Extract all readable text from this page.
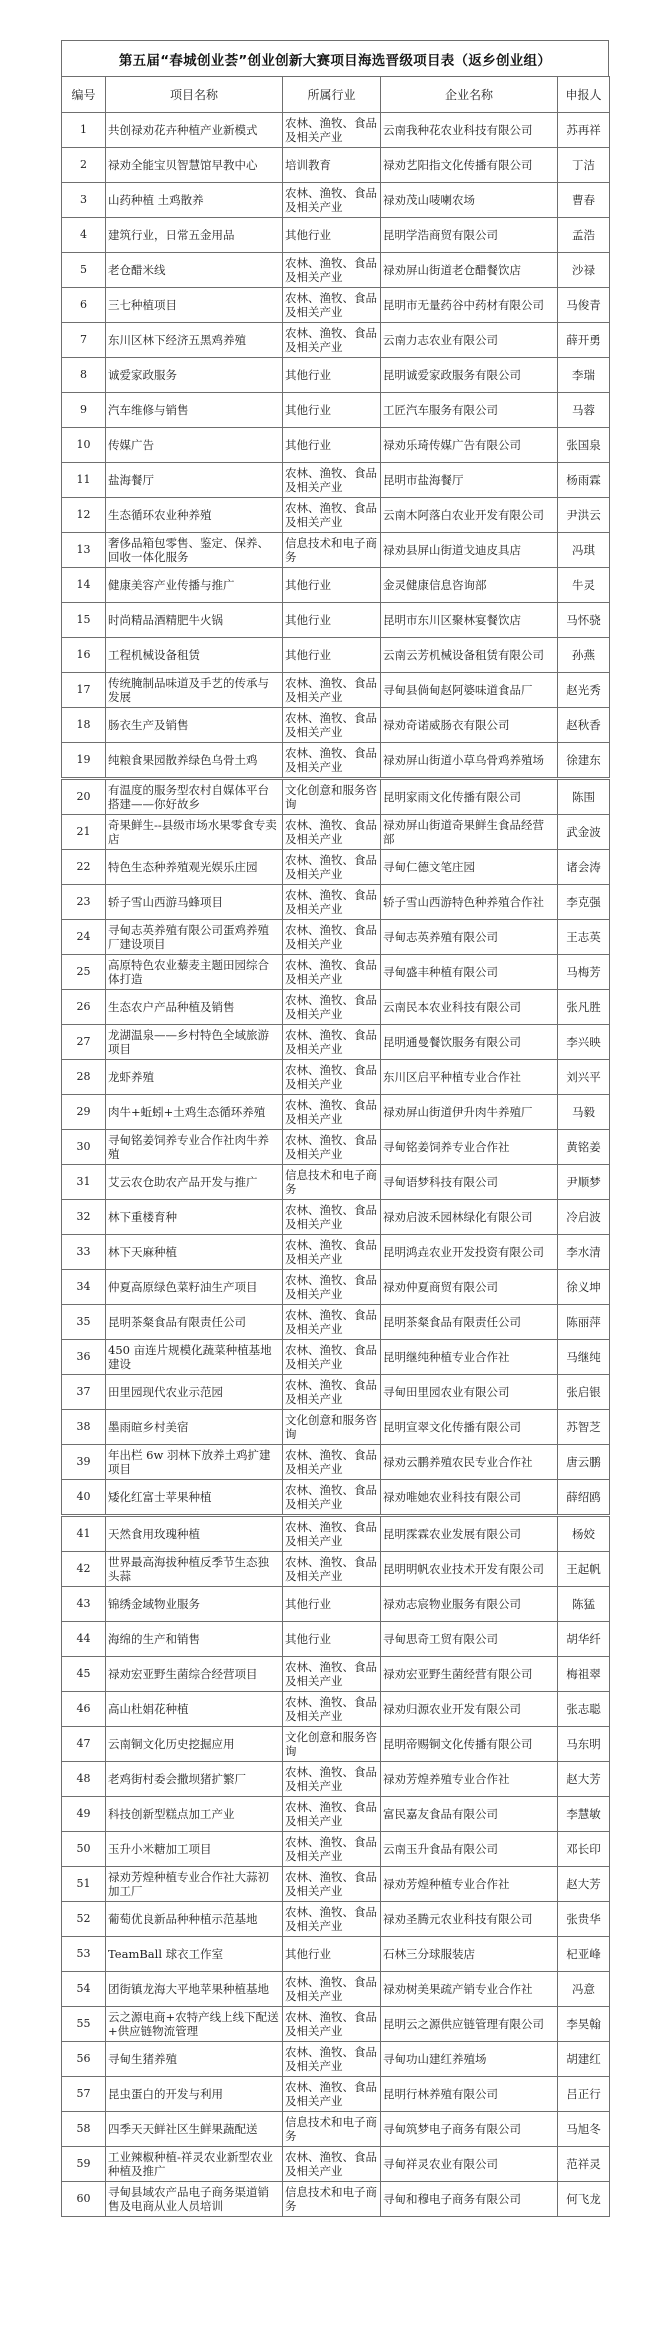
第五届“春城创业荟”创业创新大赛项目海选晋级项目表（返乡创业组）
编号	项目名称	所属行业	企业名称	申报人
1	共创禄劝花卉种植产业新模式	农林、渔牧、食品及相关产业	云南我种花农业科技有限公司	苏再祥
2	禄劝全能宝贝智慧馆早教中心	培训教育	禄劝艺阳指文化传播有限公司	丁洁
3	山药种植 土鸡散养	农林、渔牧、食品及相关产业	禄劝茂山唛喇农场	曹春
4	建筑行业，日常五金用品	其他行业	昆明学浩商贸有限公司	孟浩
5	老仓醋米线	农林、渔牧、食品及相关产业	禄劝屏山街道老仓醋餐饮店	沙禄
6	三七种植项目	农林、渔牧、食品及相关产业	昆明市无量药谷中药材有限公司	马俊青
7	东川区林下经济五黑鸡养殖	农林、渔牧、食品及相关产业	云南力志农业有限公司	薛开勇
8	诚爱家政服务	其他行业	昆明诚爱家政服务有限公司	李瑞
9	汽车维修与销售	其他行业	工匠汽车服务有限公司	马蓉
10	传媒广告	其他行业	禄劝乐琦传媒广告有限公司	张国泉
11	盐海餐厅	农林、渔牧、食品及相关产业	昆明市盐海餐厅	杨雨霖
12	生态循环农业种养殖	农林、渔牧、食品及相关产业	云南木阿落白农业开发有限公司	尹洪云
13	奢侈品箱包零售、鉴定、保养、回收一体化服务	信息技术和电子商务	禄劝县屏山街道戈迪皮具店	冯琪
14	健康美容产业传播与推广	其他行业	金灵健康信息咨询部	牛灵
15	时尚精品酒精肥牛火锅	其他行业	昆明市东川区聚林宴餐饮店	马怀骁
16	工程机械设备租赁	其他行业	云南云芳机械设备租赁有限公司	孙燕
17	传统腌制品味道及手艺的传承与发展	农林、渔牧、食品及相关产业	寻甸县倘甸赵阿婆味道食品厂	赵光秀
18	肠衣生产及销售	农林、渔牧、食品及相关产业	禄劝奇诺威肠衣有限公司	赵秋香
19	纯粮食果园散养绿色乌骨土鸡	农林、渔牧、食品及相关产业	禄劝屏山街道小草乌骨鸡养殖场	徐建东
20	有温度的服务型农村自媒体平台搭建——你好故乡	文化创意和服务咨询	昆明家雨文化传播有限公司	陈围
21	奇果鲜生--县级市场水果零食专卖店	农林、渔牧、食品及相关产业	禄劝屏山街道奇果鲜生食品经营部	武金波
22	特色生态种养殖观光娱乐庄园	农林、渔牧、食品及相关产业	寻甸仁德文笔庄园	诸会涛
23	轿子雪山西游马蜂项目	农林、渔牧、食品及相关产业	轿子雪山西游特色种养殖合作社	李克强
24	寻甸志英养殖有限公司蛋鸡养殖厂建设项目	农林、渔牧、食品及相关产业	寻甸志英养殖有限公司	王志英
25	高原特色农业藜麦主题田园综合体打造	农林、渔牧、食品及相关产业	寻甸盛丰种植有限公司	马梅芳
26	生态农户产品种植及销售	农林、渔牧、食品及相关产业	云南民本农业科技有限公司	张凡胜
27	龙湖温泉——乡村特色全域旅游项目	农林、渔牧、食品及相关产业	昆明通曼餐饮服务有限公司	李兴映
28	龙虾养殖	农林、渔牧、食品及相关产业	东川区启平种植专业合作社	刘兴平
29	肉牛+蚯蚓+土鸡生态循环养殖	农林、渔牧、食品及相关产业	禄劝屏山街道伊升肉牛养殖厂	马毅
30	寻甸铭姜饲养专业合作社肉牛养殖	农林、渔牧、食品及相关产业	寻甸铭姜饲养专业合作社	黄铭姜
31	艾云农仓助农产品开发与推广	信息技术和电子商务	寻甸语梦科技有限公司	尹顺梦
32	林下重楼育种	农林、渔牧、食品及相关产业	禄劝启波禾园林绿化有限公司	冷启波
33	林下天麻种植	农林、渔牧、食品及相关产业	昆明鸿垚农业开发投资有限公司	李水清
34	仲夏高原绿色菜籽油生产项目	农林、渔牧、食品及相关产业	禄劝仲夏商贸有限公司	徐义坤
35	昆明茶粲食品有限责任公司	农林、渔牧、食品及相关产业	昆明茶粲食品有限责任公司	陈丽萍
36	450 亩连片规模化蔬菜种植基地建设	农林、渔牧、食品及相关产业	昆明继纯种植专业合作社	马继纯
37	田里园现代农业示范园	农林、渔牧、食品及相关产业	寻甸田里园农业有限公司	张启银
38	墨雨暄乡村美宿	文化创意和服务咨询	昆明宣翠文化传播有限公司	苏智芝
39	年出栏 6w 羽林下放养土鸡扩建项目	农林、渔牧、食品及相关产业	禄劝云鹏养殖农民专业合作社	唐云鹏
40	矮化红富士苹果种植	农林、渔牧、食品及相关产业	禄劝唯她农业科技有限公司	薛绍鸥
41	天然食用玫瑰种植	农林、渔牧、食品及相关产业	昆明霂霖农业发展有限公司	杨姣
42	世界最高海拔种植反季节生态独头蒜	农林、渔牧、食品及相关产业	昆明明帆农业技术开发有限公司	王起帆
43	锦绣金域物业服务	其他行业	禄劝志宸物业服务有限公司	陈猛
44	海绵的生产和销售	其他行业	寻甸思奇工贸有限公司	胡华纤
45	禄劝宏亚野生菌综合经营项目	农林、渔牧、食品及相关产业	禄劝宏亚野生菌经营有限公司	梅祖翠
46	高山杜娟花种植	农林、渔牧、食品及相关产业	禄劝归源农业开发有限公司	张志聪
47	云南铜文化历史挖掘应用	文化创意和服务咨询	昆明帝赐铜文化传播有限公司	马东明
48	老鸡街村委会撒坝猪扩繁厂	农林、渔牧、食品及相关产业	禄劝芳煌养殖专业合作社	赵大芳
49	科技创新型糕点加工产业	农林、渔牧、食品及相关产业	富民嘉友食品有限公司	李慧敏
50	玉升小米糖加工项目	农林、渔牧、食品及相关产业	云南玉升食品有限公司	邓长印
51	禄劝芳煌种植专业合作社大蒜初加工厂	农林、渔牧、食品及相关产业	禄劝芳煌种植专业合作社	赵大芳
52	葡萄优良新品种种植示范基地	农林、渔牧、食品及相关产业	禄劝圣腾元农业科技有限公司	张贵华
53	TeamBall 球衣工作室	其他行业	石林三分球服装店	杞亚峰
54	团街镇龙海大平地苹果种植基地	农林、渔牧、食品及相关产业	禄劝树美果疏产销专业合作社	冯意
55	云之源电商+农特产线上线下配送+供应链物流管理	农林、渔牧、食品及相关产业	昆明云之源供应链管理有限公司	李昊翰
56	寻甸生猪养殖	农林、渔牧、食品及相关产业	寻甸功山建红养殖场	胡建红
57	昆虫蛋白的开发与利用	农林、渔牧、食品及相关产业	昆明行林养殖有限公司	吕正行
58	四季天天鲜社区生鲜果蔬配送	信息技术和电子商务	寻甸筑梦电子商务有限公司	马旭冬
59	工业辣椒种植-祥灵农业新型农业种植及推广	农林、渔牧、食品及相关产业	寻甸祥灵农业有限公司	范祥灵
60	寻甸县域农产品电子商务渠道销售及电商从业人员培训	信息技术和电子商务	寻甸和穆电子商务有限公司	何飞龙
